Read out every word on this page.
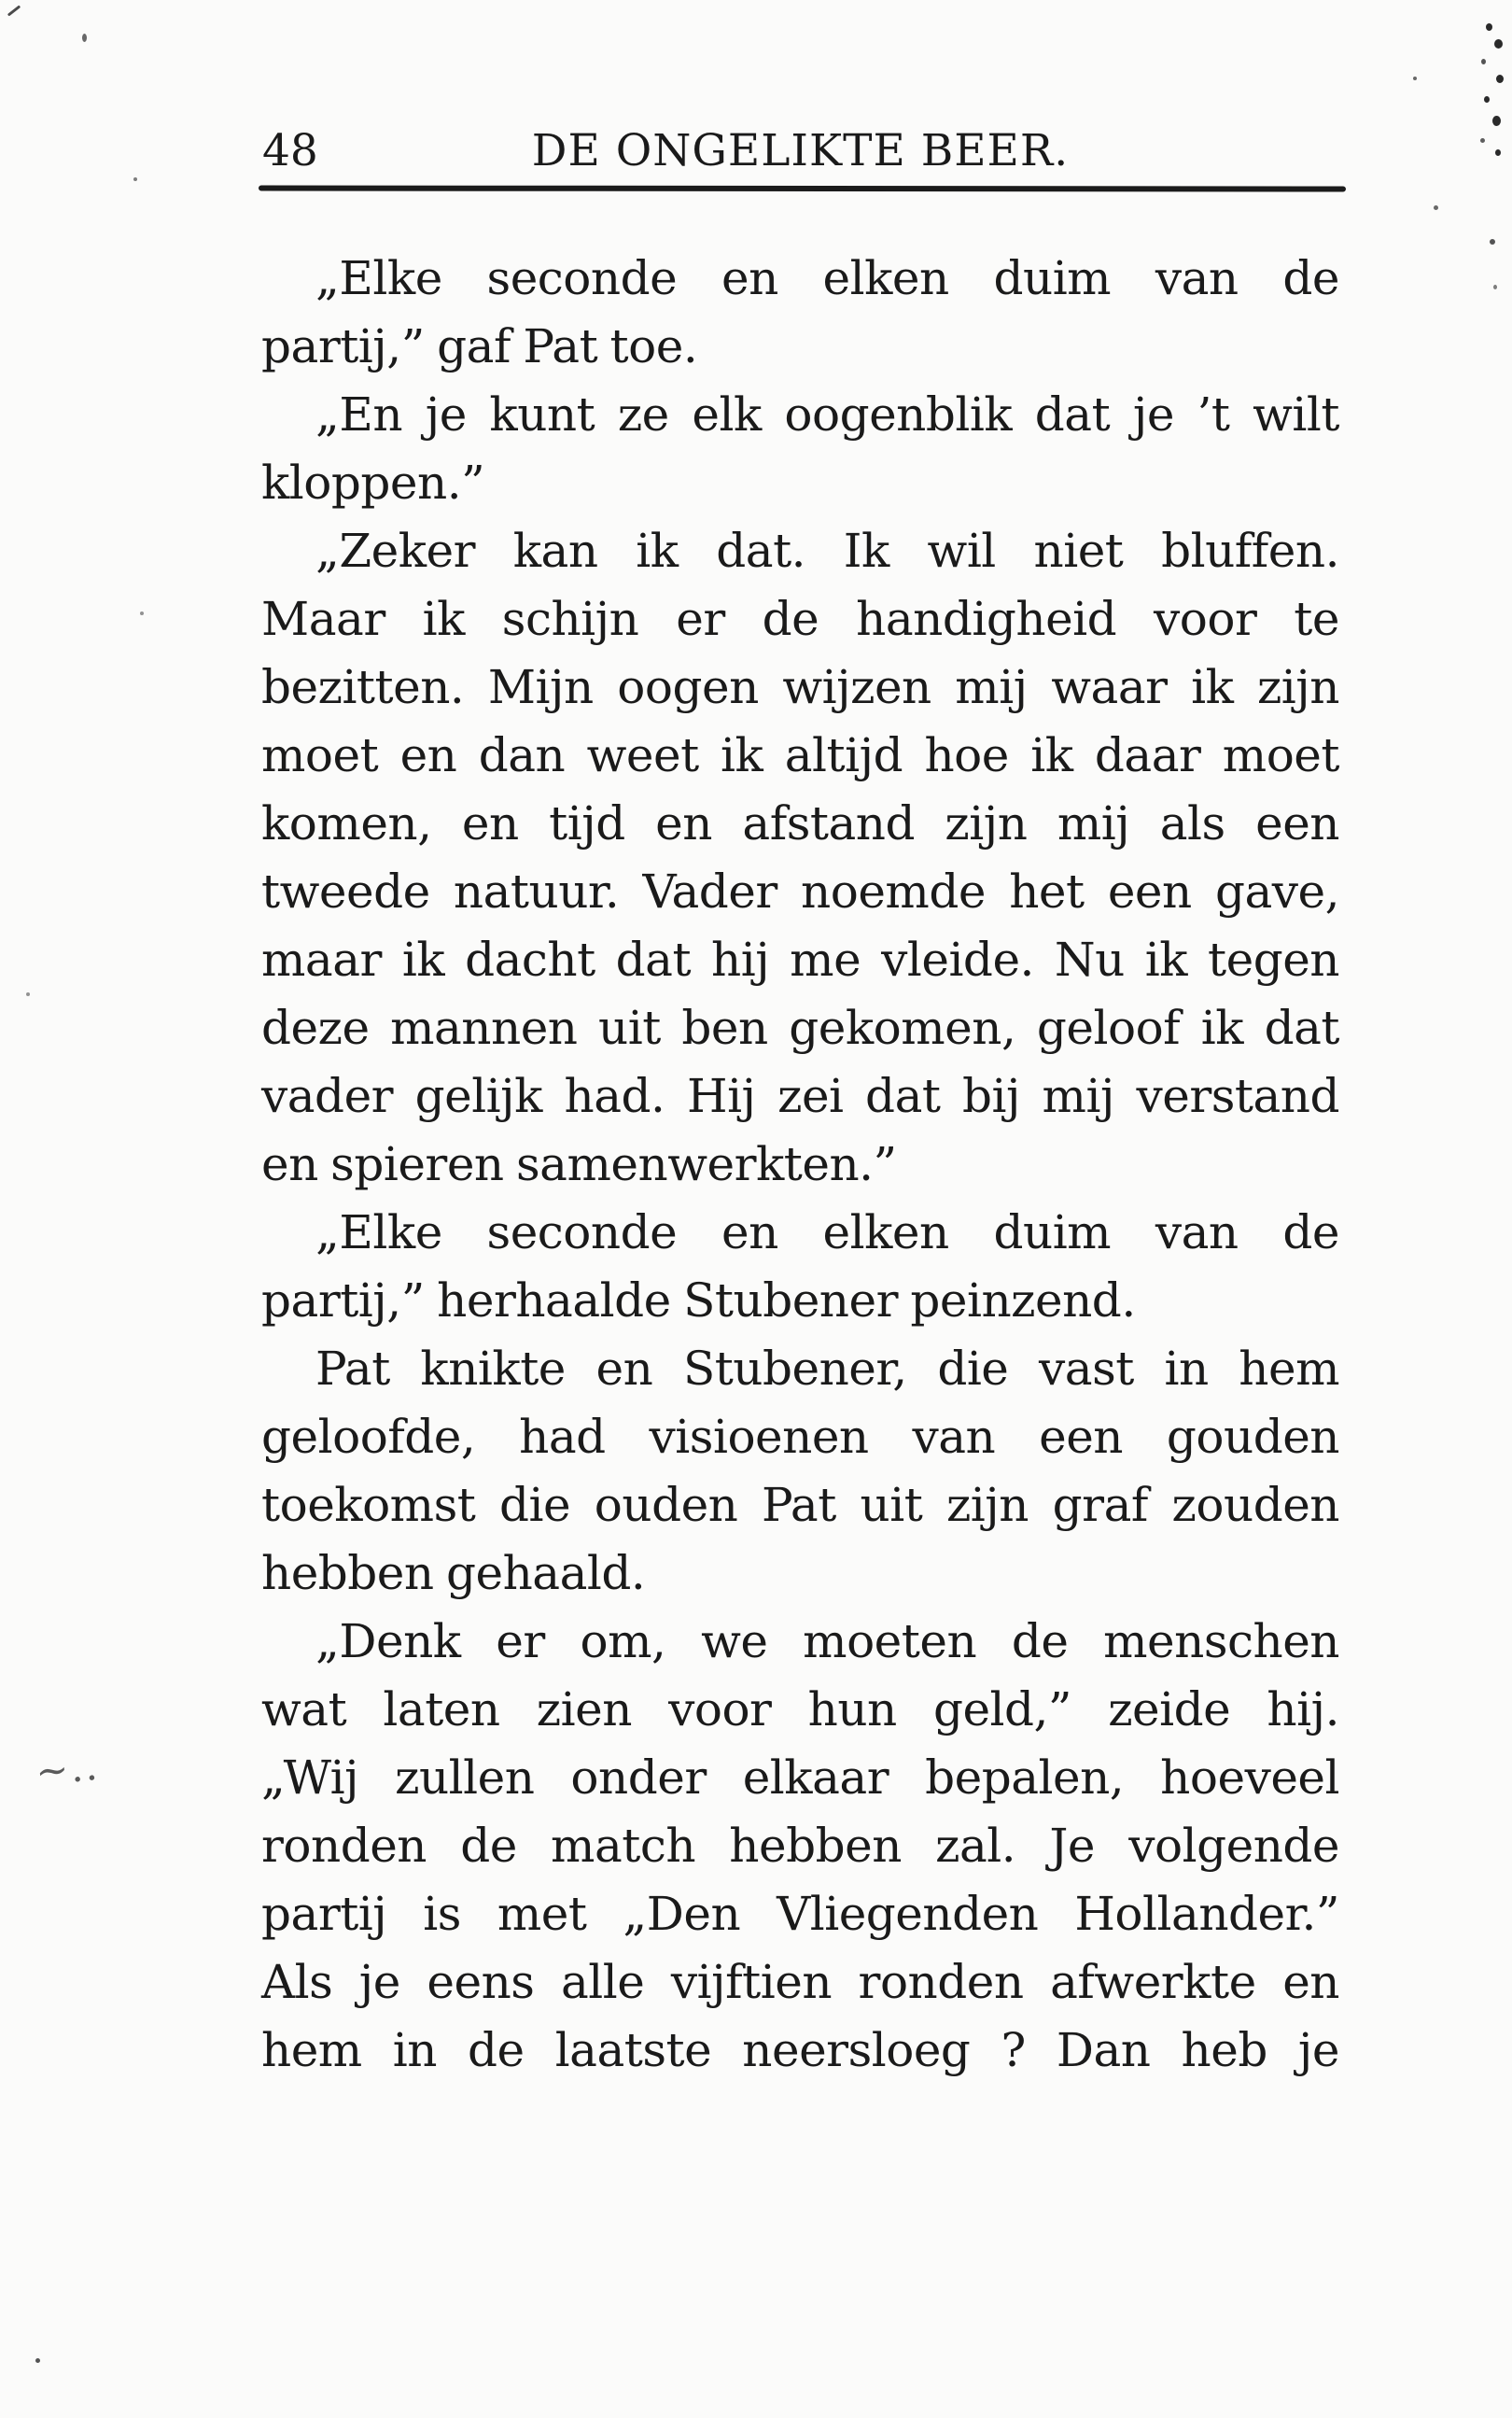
48	DE ONGELIKTE BEER.
„Elke seconde en elken duim van de
partij,” gaf Pat toe.
„En je kunt ze elk oogenblik dat je ’t wilt
kloppen.”
„Zeker kan ik dat. Ik wil niet bluffen.
Maar ik schijn er de handigheid voor te
bezitten. Mijn oogen wijzen mij waar ik zijn
moet en dan weet ik altijd hoe ik daar moet
komen, en tijd en afstand zijn mij als een
tweede natuur. Vader noemde het een gave,
maar ik dacht dat hij me vleide. Nu ik tegen
deze mannen uit ben gekomen, geloof ik dat
vader gelijk had. Hij zei dat bij mij verstand
en spieren samenwerkten.”
„Elke seconde en elken duim van de
partij,” herhaalde Stubener peinzend.
Pat knikte en Stubener, die vast in hem
geloofde, had visioenen van een gouden
toekomst die ouden Pat uit zijn graf zouden
hebben gehaald.
„Denk er om, we moeten de menschen
wat laten zien voor hun geld,” zeide hij.
„Wij zullen onder elkaar bepalen, hoeveel
ronden de match hebben zal. Je volgende
partij is met „Den Vliegenden Hollander.”
Als je eens alle vijftien ronden afwerkte en
hem in de laatste neersloeg ? Dan heb je
∼..
